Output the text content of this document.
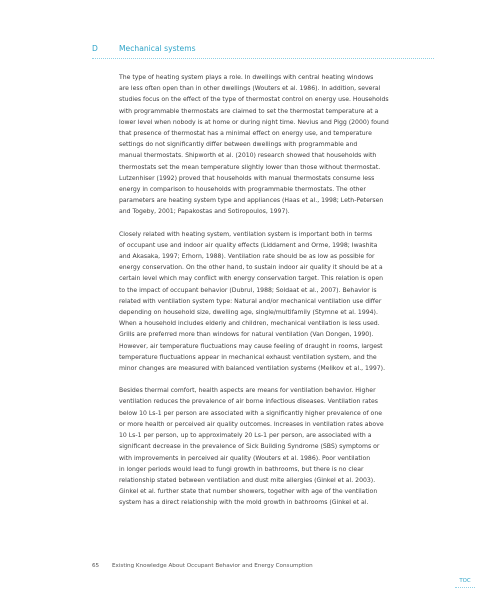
D	Mechanical systems

The type of heating system plays a role. In dwellings with central heating windows
are less often open than in other dwellings (Wouters et al. 1986). In addition, several
studies focus on the effect of the type of thermostat control on energy use. Households
with programmable thermostats are claimed to set the thermostat temperature at a
lower level when nobody is at home or during night time. Nevius and Pigg (2000) found
that presence of thermostat has a minimal effect on energy use, and temperature
settings do not significantly differ between dwellings with programmable and
manual thermostats. Shipworth et al. (2010) research showed that households with
thermostats set the mean temperature slightly lower than those without thermostat.
Lutzenhiser (1992) proved that households with manual thermostats consume less
energy in comparison to households with programmable thermostats. The other
parameters are heating system type and appliances (Haas et al., 1998; Leth-Petersen
and Togeby, 2001; Papakostas and Sotiropoulos, 1997).

Closely related with heating system, ventilation system is important both in terms
of occupant use and indoor air quality effects (Liddament and Orme, 1998; Iwashita
and Akasaka, 1997; Erhorn, 1988). Ventilation rate should be as low as possible for
energy conservation. On the other hand, to sustain indoor air quality it should be at a
certain level which may conflict with energy conservation target. This relation is open
to the impact of occupant behavior (Dubrul, 1988; Soldaat et al., 2007). Behavior is
related with ventilation system type: Natural and/or mechanical ventilation use differ
depending on household size, dwelling age, single/multifamily (Stymne et al. 1994).
When a household includes elderly and children, mechanical ventilation is less used.
Grills are preferred more than windows for natural ventilation (Van Dongen, 1990).
However, air temperature fluctuations may cause feeling of draught in rooms, largest
temperature fluctuations appear in mechanical exhaust ventilation system, and the
minor changes are measured with balanced ventilation systems (Melikov et al., 1997).

Besides thermal comfort, health aspects are means for ventilation behavior. Higher
ventilation reduces the prevalence of air borne infectious diseases. Ventilation rates
below 10 Ls-1 per person are associated with a significantly higher prevalence of one
or more health or perceived air quality outcomes. Increases in ventilation rates above
10 Ls-1 per person, up to approximately 20 Ls-1 per person, are associated with a
significant decrease in the prevalence of Sick Building Syndrome (SBS) symptoms or
with improvements in perceived air quality (Wouters et al. 1986). Poor ventilation
in longer periods would lead to fungi growth in bathrooms, but there is no clear
relationship stated between ventilation and dust mite allergies (Ginkel et al. 2003).
Ginkel et al. further state that number showers, together with age of the ventilation
system has a direct relationship with the mold growth in bathrooms (Ginkel et al.

65 Existing Knowledge About Occupant Behavior and Energy Consumption
TOC
